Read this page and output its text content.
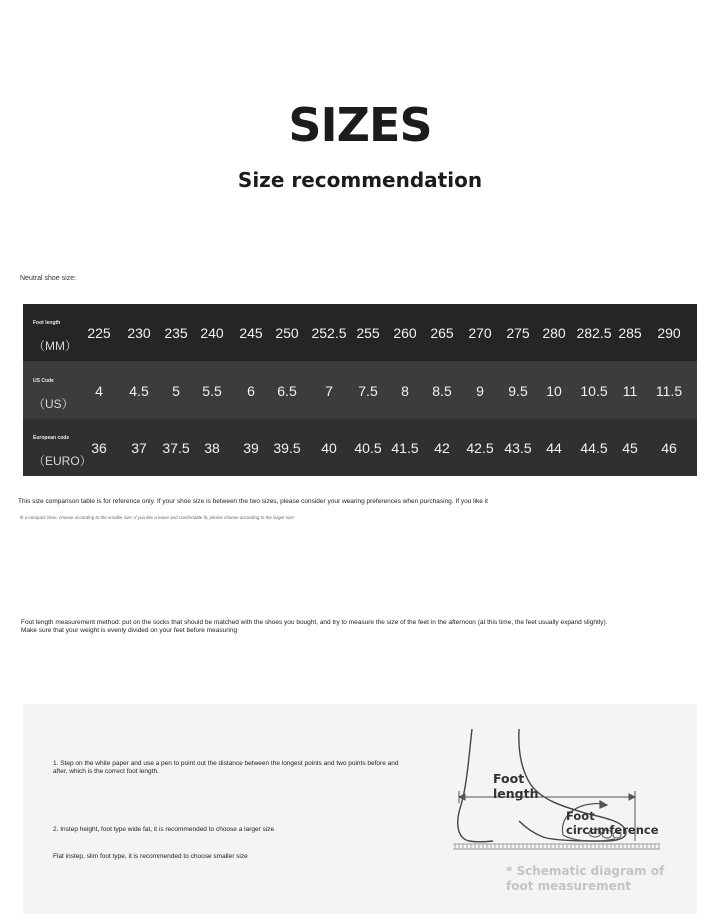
SIZES
Size recommendation
Neutral shoe size:
Foot length
（MM）
225 230 235 240 245 250 252.5 255 260 265 270 275 280 282.5 285 290
US Code
（US）
4 4.5 5 5.5 6 6.5 7 7.5 8 8.5 9 9.5 10 10.5 11 11.5
European code
（EURO）
36 37 37.5 38 39 39.5 40 40.5 41.5 42 42.5 43.5 44 44.5 45 46
This size comparison table is for reference only. If your shoe size is between the two sizes, please consider your wearing preferences when purchasing. If you like it
fit a compact shoe, choose according to the smaller size; if you like a loose and comfortable fit, please choose according to the larger size
Foot length measurement method: put on the socks that should be matched with the shoes you bought, and try to measure the size of the feet in the afternoon (at this time, the feet usually expand slightly). Make sure that your weight is evenly divided on your feet before measuring
1. Step on the white paper and use a pen to point out the distance between the longest points and two points before and after, which is the correct foot length.
2. Instep height, foot type wide fat, it is recommended to choose a larger size
Flat instep, slim foot type, it is recommended to choose smaller size
Foot length
Foot circumference
* Schematic diagram of foot measurement
